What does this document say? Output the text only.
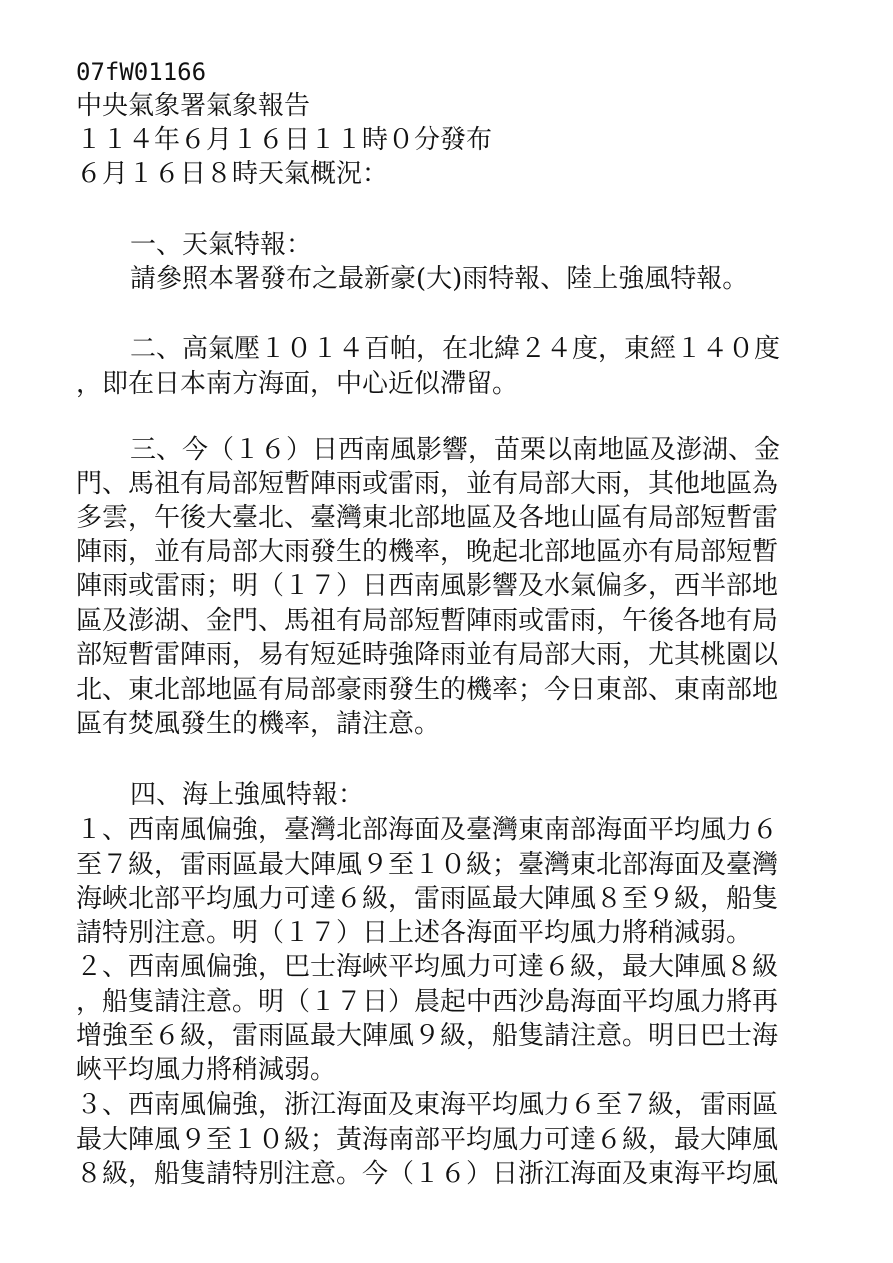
07fW01166
中央氣象署氣象報告
１１４年６月１６日１１時０分發布
６月１６日８時天氣概況：
一、天氣特報：
請參照本署發布之最新豪(大)雨特報、陸上強風特報。
二、高氣壓１０１４百帕，在北緯２４度，東經１４０度
，即在日本南方海面，中心近似滯留。
三、今（１６）日西南風影響，苗栗以南地區及澎湖、金
門、馬祖有局部短暫陣雨或雷雨，並有局部大雨，其他地區為
多雲，午後大臺北、臺灣東北部地區及各地山區有局部短暫雷
陣雨，並有局部大雨發生的機率，晚起北部地區亦有局部短暫
陣雨或雷雨；明（１７）日西南風影響及水氣偏多，西半部地
區及澎湖、金門、馬祖有局部短暫陣雨或雷雨，午後各地有局
部短暫雷陣雨，易有短延時強降雨並有局部大雨，尤其桃園以
北、東北部地區有局部豪雨發生的機率；今日東部、東南部地
區有焚風發生的機率，請注意。
四、海上強風特報：
１、西南風偏強，臺灣北部海面及臺灣東南部海面平均風力６
至７級，雷雨區最大陣風９至１０級；臺灣東北部海面及臺灣
海峽北部平均風力可達６級，雷雨區最大陣風８至９級，船隻
請特別注意。明（１７）日上述各海面平均風力將稍減弱。
２、西南風偏強，巴士海峽平均風力可達６級，最大陣風８級
，船隻請注意。明（１７日）晨起中西沙島海面平均風力將再
增強至６級，雷雨區最大陣風９級，船隻請注意。明日巴士海
峽平均風力將稍減弱。
３、西南風偏強，浙江海面及東海平均風力６至７級，雷雨區
最大陣風９至１０級；黃海南部平均風力可達６級，最大陣風
８級，船隻請特別注意。今（１６）日浙江海面及東海平均風
